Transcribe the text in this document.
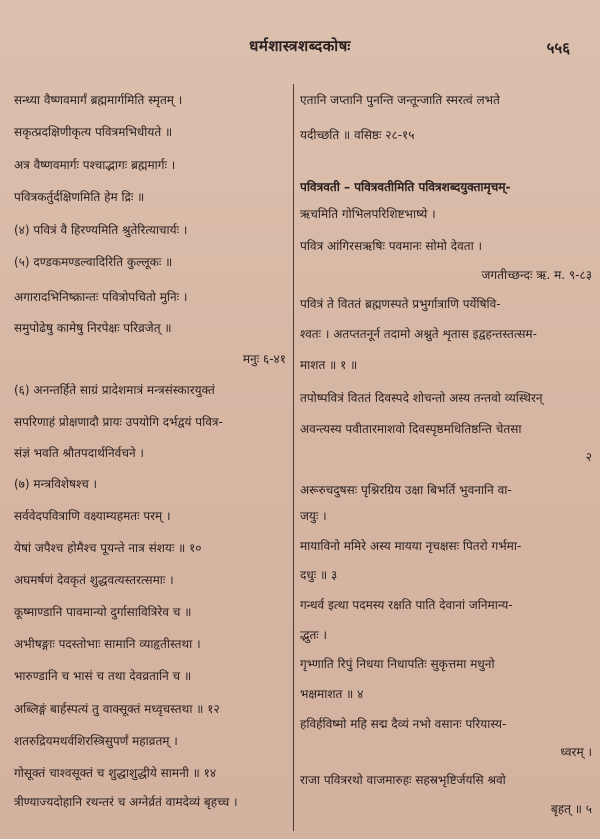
धर्मशास्त्रशब्दकोषः	५५६
सन्ध्या वैष्णवमार्गं ब्रह्ममार्गमिति स्मृतम् ।
सकृत्प्रदक्षिणीकृत्य पवित्रमभिधीयते ॥
अत्र वैष्णवमार्गः पश्चाद्भागः ब्रह्ममार्गः ।
पवित्रकर्तुर्दक्षिणमिति हेम द्रिः ॥
(४) पवित्रं वै हिरण्यमिति श्रुतेरित्याचार्यः ।
(५) दण्डकमण्डल्वादिरिति कुल्लूकः ॥
अगारादभिनिष्क्रान्तः पवित्रोपचितो मुनिः ।
समुपोढेषु कामेषु निरपेक्षः परिव्रजेत् ॥
मनुः ६-४१
(६) अनन्तर्हिते साग्रं प्रादेशमात्रं मन्त्रसंस्कारयुक्तं
सपरिणाहं प्रोक्षणादौ प्रायः उपयोगि दर्भद्वयं पवित्र-
संज्ञं भवति श्रौतपदार्थनिर्वचने ।
(७) मन्त्रविशेषश्च ।
सर्ववेदपवित्राणि वक्ष्याम्यहमतः परम् ।
येषां जपैश्च होमैश्च पूयन्ते नात्र संशयः ॥ १०
अघमर्षणं देवकृतं शुद्धवत्यस्तरत्समाः ।
कूष्माण्डानि पावमान्यो दुर्गासावित्रिरेव च ॥
अभीषङ्गाः पदस्तोभाः सामानि व्याहृतीस्तथा ।
भारुण्डानि च भासं च तथा देवव्रतानि च ॥
अब्लिङ्गं बार्हस्पत्यं तु वाक्सूक्तं मध्वृचस्तथा ॥ १२
शतरुद्रियमथर्वशिरस्त्रिसुपर्णं महाव्रतम् ।
गोसूक्तं चाश्वसूक्तं च शुद्धाशुद्धीये सामनी ॥ १४
त्रीण्याज्यदोहानि रथन्तरं च अग्नेर्व्रतं वामदेव्यं बृहच्च ।
एतानि जप्तानि पुनन्ति जन्तून्जाति स्मरत्वं लभते
यदीच्छति ॥ वसिष्ठः २८-१५
पवित्रवती – पवित्रवतीमिति पवित्रशब्दयुक्तामृचम्-
ऋचमिति गोभिलपरिशिष्टभाष्ये ।
पवित्र आंगिरसऋषिः पवमानः सोमो देवता ।
जगतीच्छन्दः ऋ. म. ९-८३
पवित्रं ते विततं ब्रह्मणस्पते प्रभुर्गात्राणि पर्येषिवि-
श्वतः । अतप्ततनूर्न तदामो अश्नुते शृतास इद्वहन्तस्तत्सम-
माशत ॥ १ ॥
तपोष्पवित्रं विततं दिवस्पदे शोचन्तो अस्य तन्तवो व्यस्थिरन्
अवन्त्यस्य पवीतारमाशवो दिवस्पृष्ठमधितिष्ठन्ति चेतसा
२
अरूरुचदुषसः पृश्निरग्रिय उक्षा बिभर्ति भुवनानि वा-
जयुः ।
मायाविनो ममिरे अस्य मायया नृचक्षसः पितरो गर्भमा-
दधुः ॥ ३
गन्धर्व इत्था पदमस्य रक्षति पाति देवानां जनिमान्य-
द्भुतः ।
गृभ्णाति रिपुं निधया निधापतिः सुकृत्तमा मधुनो
भक्षमाशत ॥ ४
हविर्हविष्मो महि सद्म दैव्यं नभो वसानः परियास्य-
ध्वरम् ।
राजा पवित्ररथो वाजमारुहः सहस्रभृष्टिर्जयसि श्रवो
बृहत् ॥ ५
